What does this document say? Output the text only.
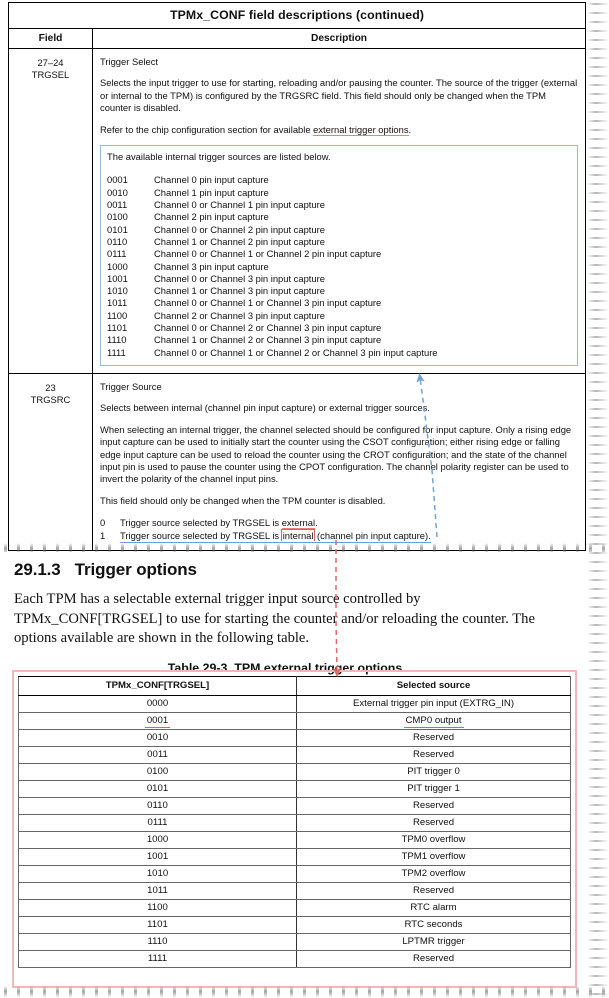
TPMx_CONF field descriptions (continued)	
Field	Description

27–24
TRGSEL

Trigger Select

Selects the input trigger to use for starting, reloading and/or pausing the counter. The source of the trigger (external or internal to the TPM) is configured by the TRGSRC field. This field should only be changed when the TPM counter is disabled.

Refer to the chip configuration section for available external trigger options.

The available internal trigger sources are listed below.

0001	Channel 0 pin input capture
0010	Channel 1 pin input capture
0011	Channel 0 or Channel 1 pin input capture
0100	Channel 2 pin input capture
0101	Channel 0 or Channel 2 pin input capture
0110	Channel 1 or Channel 2 pin input capture
0111	Channel 0 or Channel 1 or Channel 2 pin input capture
1000	Channel 3 pin input capture
1001	Channel 0 or Channel 3 pin input capture
1010	Channel 1 or Channel 3 pin input capture
1011	Channel 0 or Channel 1 or Channel 3 pin input capture
1100	Channel 2 or Channel 3 pin input capture
1101	Channel 0 or Channel 2 or Channel 3 pin input capture
1110	Channel 1 or Channel 2 or Channel 3 pin input capture
1111	Channel 0 or Channel 1 or Channel 2 or Channel 3 pin input capture

23
TRGSRC

Trigger Source

Selects between internal (channel pin input capture) or external trigger sources.

When selecting an internal trigger, the channel selected should be configured for input capture. Only a rising edge input capture can be used to initially start the counter using the CSOT configuration; either rising edge or falling edge input capture can be used to reload the counter using the CROT configuration; and the state of the channel input pin is used to pause the counter using the CPOT configuration. The channel polarity register can be used to invert the polarity of the channel input pins.

This field should only be changed when the TPM counter is disabled.

0	Trigger source selected by TRGSEL is external.
1	Trigger source selected by TRGSEL is internal (channel pin input capture).
29.1.3 Trigger options

Each TPM has a selectable external trigger input source controlled by
TPMx_CONF[TRGSEL] to use for starting the counter and/or reloading the counter. The
options available are shown in the following table.

Table 29-3. TPM external trigger options
TPMx_CONF[TRGSEL]	Selected source
0000	External trigger pin input (EXTRG_IN)
0001	CMP0 output
0010	Reserved
0011	Reserved
0100	PIT trigger 0
0101	PIT trigger 1
0110	Reserved
0111	Reserved
1000	TPM0 overflow
1001	TPM1 overflow
1010	TPM2 overflow
1011	Reserved
1100	RTC alarm
1101	RTC seconds
1110	LPTMR trigger
1111	Reserved
